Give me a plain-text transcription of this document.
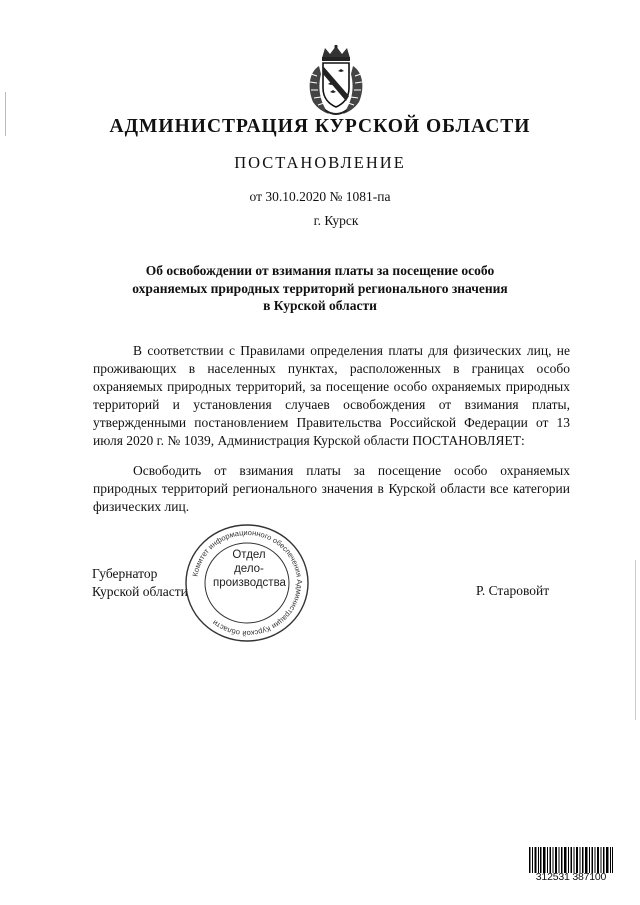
АДМИНИСТРАЦИЯ КУРСКОЙ ОБЛАСТИ
ПОСТАНОВЛЕНИЕ
от 30.10.2020 № 1081-па
г. Курск
Об освобождении от взимания платы за посещение особо
охраняемых природных территорий регионального значения
в Курской области

В соответствии с Правилами определения платы для физических лиц, не проживающих в населенных пунктах, расположенных в границах особо охраняемых природных территорий, за посещение особо охраняемых природных территорий и установления случаев освобождения от взимания платы, утвержденными постановлением Правительства Российской Федерации от 13 июля 2020 г. № 1039, Администрация Курской области ПОСТАНОВЛЯЕТ:

Освободить от взимания платы за посещение особо охраняемых природных территорий регионального значения в Курской области все категории физических лиц.

Губернатор
Курской области	Р. Старовойт
Комитет информационного обеспечения Администрации Курской области
Отдел
дело-
производства
312531 387100
